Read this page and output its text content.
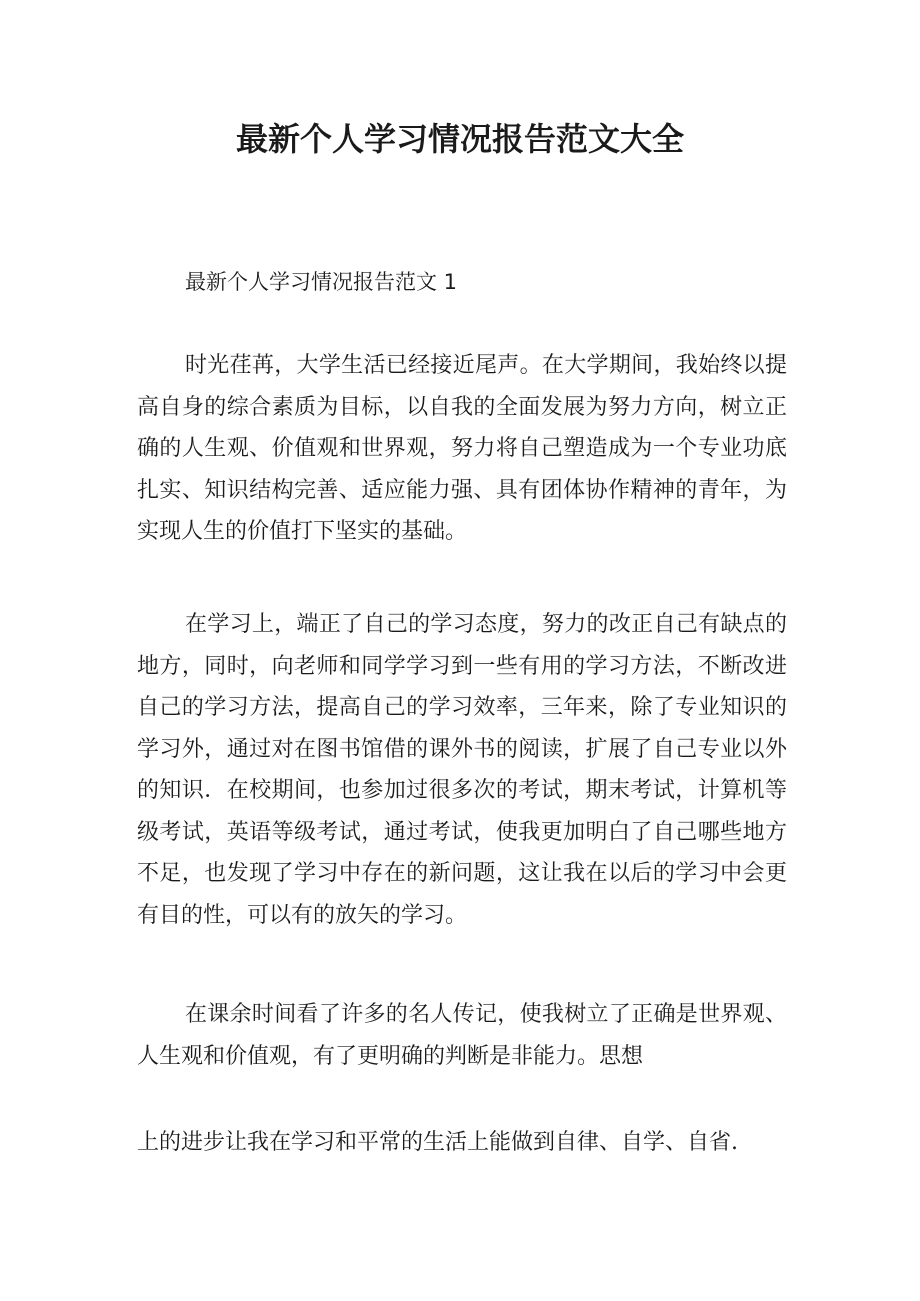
最新个人学习情况报告范文大全

最新个人学习情况报告范文 1

时光荏苒，大学生活已经接近尾声。在大学期间，我始终以提高自身的综合素质为目标，以自我的全面发展为努力方向，树立正确的人生观、价值观和世界观，努力将自己塑造成为一个专业功底扎实、知识结构完善、适应能力强、具有团体协作精神的青年，为实现人生的价值打下坚实的基础。

在学习上，端正了自己的学习态度，努力的改正自己有缺点的地方，同时，向老师和同学学习到一些有用的学习方法，不断改进自己的学习方法，提高自己的学习效率，三年来，除了专业知识的学习外，通过对在图书馆借的课外书的阅读，扩展了自己专业以外的知识．在校期间，也参加过很多次的考试，期末考试，计算机等级考试，英语等级考试，通过考试，使我更加明白了自己哪些地方不足，也发现了学习中存在的新问题，这让我在以后的学习中会更有目的性，可以有的放矢的学习。

在课余时间看了许多的名人传记，使我树立了正确是世界观、人生观和价值观，有了更明确的判断是非能力。思想

上的进步让我在学习和平常的生活上能做到自律、自学、自省.
